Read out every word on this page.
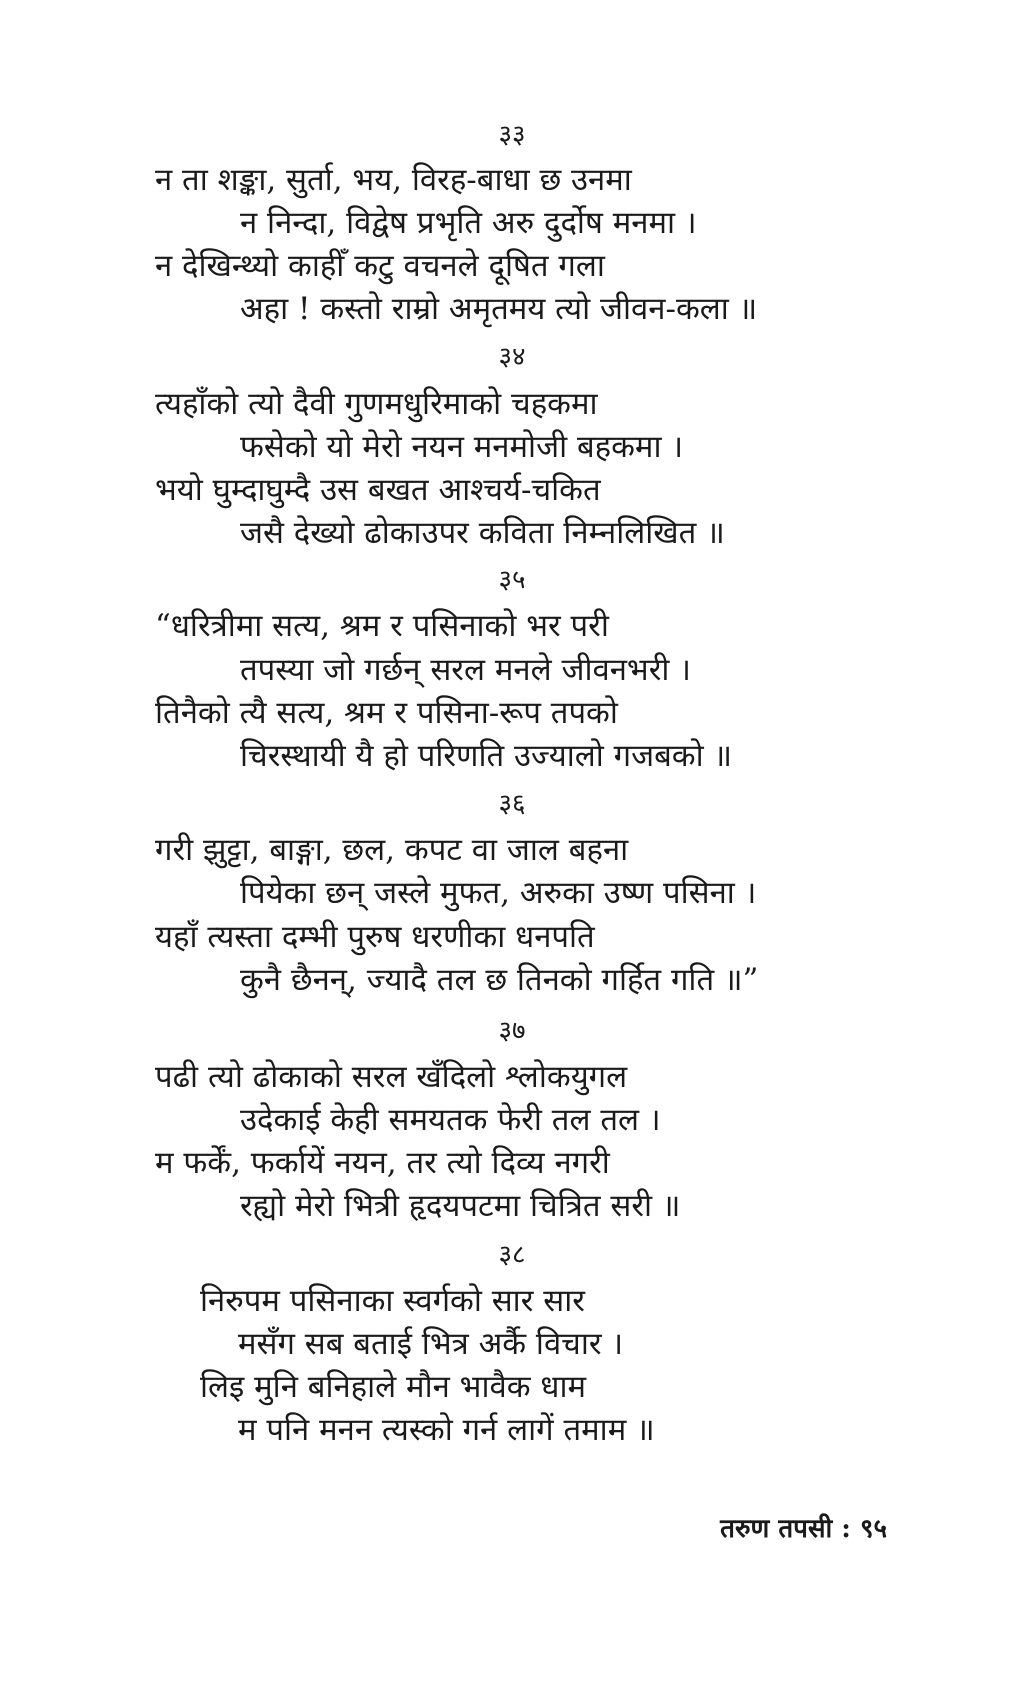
३३
न ता शङ्का, सुर्ता, भय, विरह-बाधा छ उनमा
न निन्दा, विद्वेष प्रभृति अरु दुर्दोष मनमा ।
न देखिन्थ्यो काहीँ कटु वचनले दूषित गला
अहा ! कस्तो राम्रो अमृतमय त्यो जीवन-कला ॥
३४
त्यहाँको त्यो दैवी गुणमधुरिमाको चहकमा
फसेको यो मेरो नयन मनमोजी बहकमा ।
भयो घुम्दाघुम्दै उस बखत आश्चर्य-चकित
जसै देख्यो ढोकाउपर कविता निम्नलिखित ॥
३५
“धरित्रीमा सत्य, श्रम र पसिनाको भर परी
तपस्या जो गर्छन् सरल मनले जीवनभरी ।
तिनैको त्यै सत्य, श्रम र पसिना-रूप तपको
चिरस्थायी यै हो परिणति उज्यालो गजबको ॥
३६
गरी झुट्टा, बाङ्गा, छल, कपट वा जाल बहना
पियेका छन् जस्ले मुफत, अरुका उष्ण पसिना ।
यहाँ त्यस्ता दम्भी पुरुष धरणीका धनपति
कुनै छैनन्, ज्यादै तल छ तिनको गर्हित गति ॥”
३७
पढी त्यो ढोकाको सरल खँदिलो श्लोकयुगल
उदेकाई केही समयतक फेरी तल तल ।
म फर्कें, फर्कायें नयन, तर त्यो दिव्य नगरी
रह्यो मेरो भित्री हृदयपटमा चित्रित सरी ॥
३८
निरुपम पसिनाका स्वर्गको सार सार
मसँग सब बताई भित्र अर्कै विचार ।
लिइ मुनि बनिहाले मौन भावैक धाम
म पनि मनन त्यस्को गर्न लागें तमाम ॥
तरुण तपसी : ९५
